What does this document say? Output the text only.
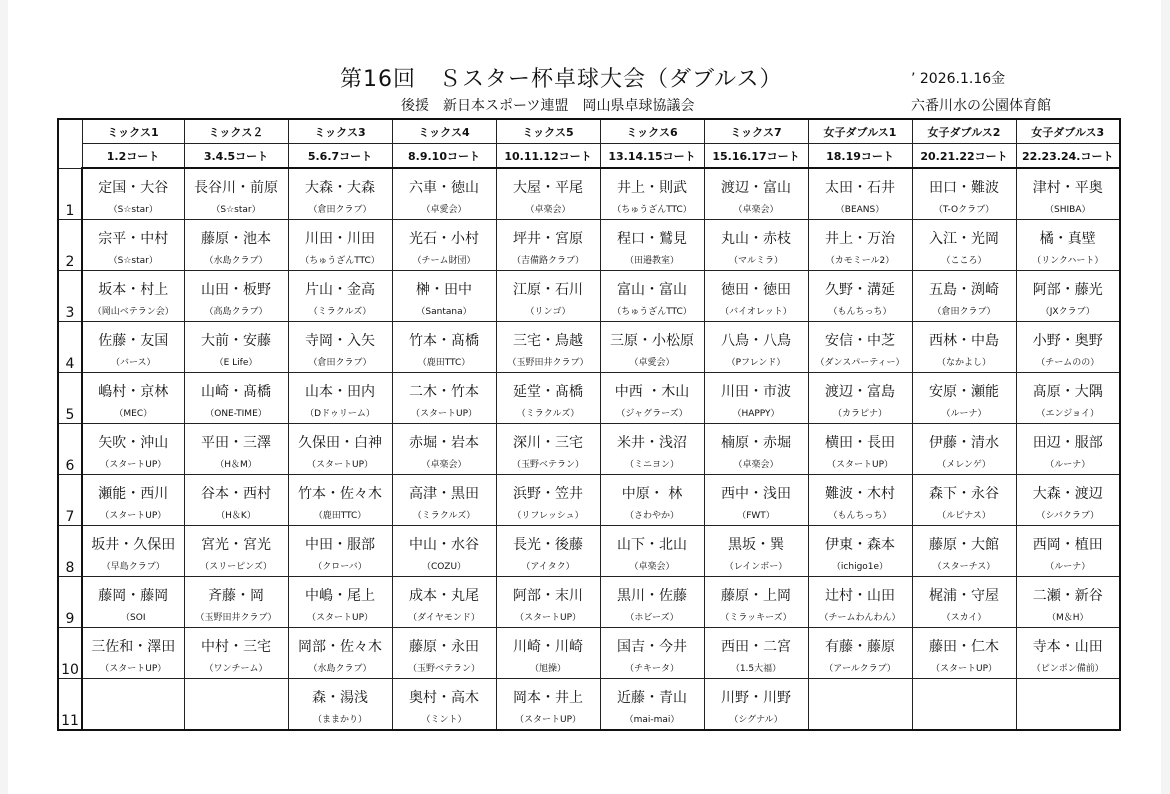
第16回　Ｓスター杯卓球大会（ダブルス）	’ 2026.1.16金
後援　新日本スポーツ連盟　岡山県卓球協議会	六番川水の公園体育館
	ミックス1	ミックス２	ミックス3	ミックス4	ミックス5	ミックス6	ミックス7	女子ダブルス1	女子ダブルス2	女子ダブルス3
	1.2コート	3.4.5コート	5.6.7コート	8.9.10コート	10.11.12コート	13.14.15コート	15.16.17コート	18.19コート	20.21.22コート	22.23.24.コート
1	定国・大谷	長谷川・前原	大森・大森	六車・徳山	大屋・平尾	井上・則武	渡辺・富山	太田・石井	田口・難波	津村・平奥
	（S☆star）	（S☆star）	（倉田クラブ）	（卓愛会）	（卓楽会）	（ちゅうざんTTC）	（卓楽会）	（BEANS）	（T-Oクラブ）	（SHIBA）
2	宗平・中村	藤原・池本	川田・川田	光石・小村	坪井・宮原	程口・鷲見	丸山・赤枝	井上・万治	入江・光岡	橘・真壁
	（S☆star）	（水島クラブ）	（ちゅうざんTTC）	（チーム財団）	（吉備路クラブ）	（田邉教室）	（マルミラ）	（カモミール2）	（こころ）	（リンクハート）
3	坂本・村上	山田・板野	片山・金高	榊・田中	江原・石川	富山・富山	徳田・徳田	久野・溝延	五島・渕崎	阿部・藤光
	（岡山ベテラン会）	（高島クラブ）	（ミラクルズ）	（Santana）	（リンゴ）	（ちゅうざんTTC）	（バイオレット）	（もんちっち）	（倉田クラブ）	（JXクラブ）
4	佐藤・友国	大前・安藤	寺岡・入矢	竹本・髙橋	三宅・鳥越	三原・小松原	八鳥・八鳥	安信・中芝	西林・中島	小野・奥野
	（バース）	（E Life）	（倉田クラブ）	（鹿田TTC）	（玉野田井クラブ）	（卓愛会）	（Pフレンド）	（ダンスパーティー）	（なかよし）	（チームのの）
5	嶋村・京林	山崎・髙橋	山本・田内	二木・竹本	延堂・髙橋	中西 ・木山	川田・市波	渡辺・富島	安原・瀬能	髙原・大隅
	（MEC）	（ONE-TIME）	（Dドゥリーム）	（スタートUP）	（ミラクルズ）	（ジャグラーズ）	（HAPPY）	（カラピナ）	（ルーナ）	（エンジョイ）
6	矢吹・沖山	平田・三澤	久保田・白神	赤堀・岩本	深川・三宅	米井・浅沼	楠原・赤堀	横田・長田	伊藤・清水	田辺・服部
	（スタートUP）	（H＆M）	（スタートUP）	（卓楽会）	（玉野ベテラン）	（ミニヨン）	（卓楽会）	（スタートUP）	（メレンゲ）	（ルーナ）
7	瀬能・西川	谷本・西村	竹本・佐々木	高津・黒田	浜野・笠井	中原・ 林	西中・浅田	難波・木村	森下・永谷	大森・渡辺
	（スタートUP）	（H＆K）	（鹿田TTC）	（ミラクルズ）	（リフレッシュ）	（さわやか）	（FWT）	（もんちっち）	（ルピナス）	（シバクラブ）
8	坂井・久保田	宮光・宮光	中田・服部	中山・水谷	長光・後藤	山下・北山	黒坂・巽	伊東・森本	藤原・大館	西岡・植田
	（早島クラブ）	（スリーピンズ）	（クローバ）	（COZU）	（アイタク）	（卓楽会）	（レインボー）	（ichigo1e）	（スターチス）	（ルーナ）
9	藤岡・藤岡	斉藤・岡	中嶋・尾上	成本・丸尾	阿部・末川	黒川・佐藤	藤原・上岡	辻村・山田	梶浦・守屋	二瀬・新谷
	（SOI	（玉野田井クラブ）	（スタートUP）	（ダイヤモンド）	（スタートUP）	（ホビーズ）	（ミラッキーズ）	（チームわんわん）	（スカイ）	（M＆H）
10	三佐和・澤田	中村・三宅	岡部・佐々木	藤原・永田	川崎・川崎	国吉・今井	西田・二宮	有藤・藤原	藤田・仁木	寺本・山田
	（スタートUP）	（ワンチーム）	（水島クラブ）	（玉野ベテラン）	（旭操）	（チキータ）	（1.5大福）	（アールクラブ）	（スタートUP）	（ピンポン備前）
11			森・湯浅	奥村・高木	岡本・井上	近藤・青山	川野・川野			
			（ままかり）	（ミント）	（スタートUP）	（mai-mai）	（シグナル）			
